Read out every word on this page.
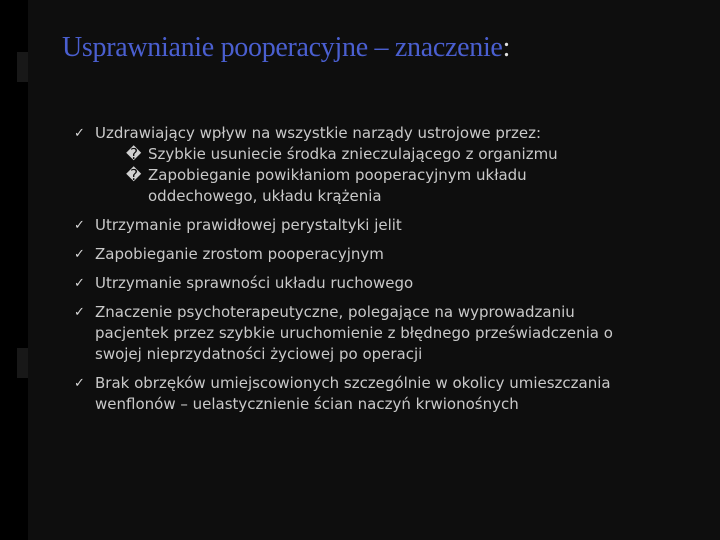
Usprawnianie pooperacyjne – znaczenie:
✓ Uzdrawiający wpływ na wszystkie narządy ustrojowe przez:
� Szybkie usuniecie środka znieczulającego z organizmu
� Zapobieganie powikłaniom pooperacyjnym układu oddechowego, układu krążenia
✓ Utrzymanie prawidłowej perystaltyki jelit
✓ Zapobieganie zrostom pooperacyjnym
✓ Utrzymanie sprawności układu ruchowego
✓ Znaczenie psychoterapeutyczne, polegające na wyprowadzaniu pacjentek przez szybkie uruchomienie z błędnego przeświadczenia o swojej nieprzydatności życiowej po operacji
✓ Brak obrzęków umiejscowionych szczególnie w okolicy umieszczania wenflonów – uelastycznienie ścian naczyń krwionośnych
